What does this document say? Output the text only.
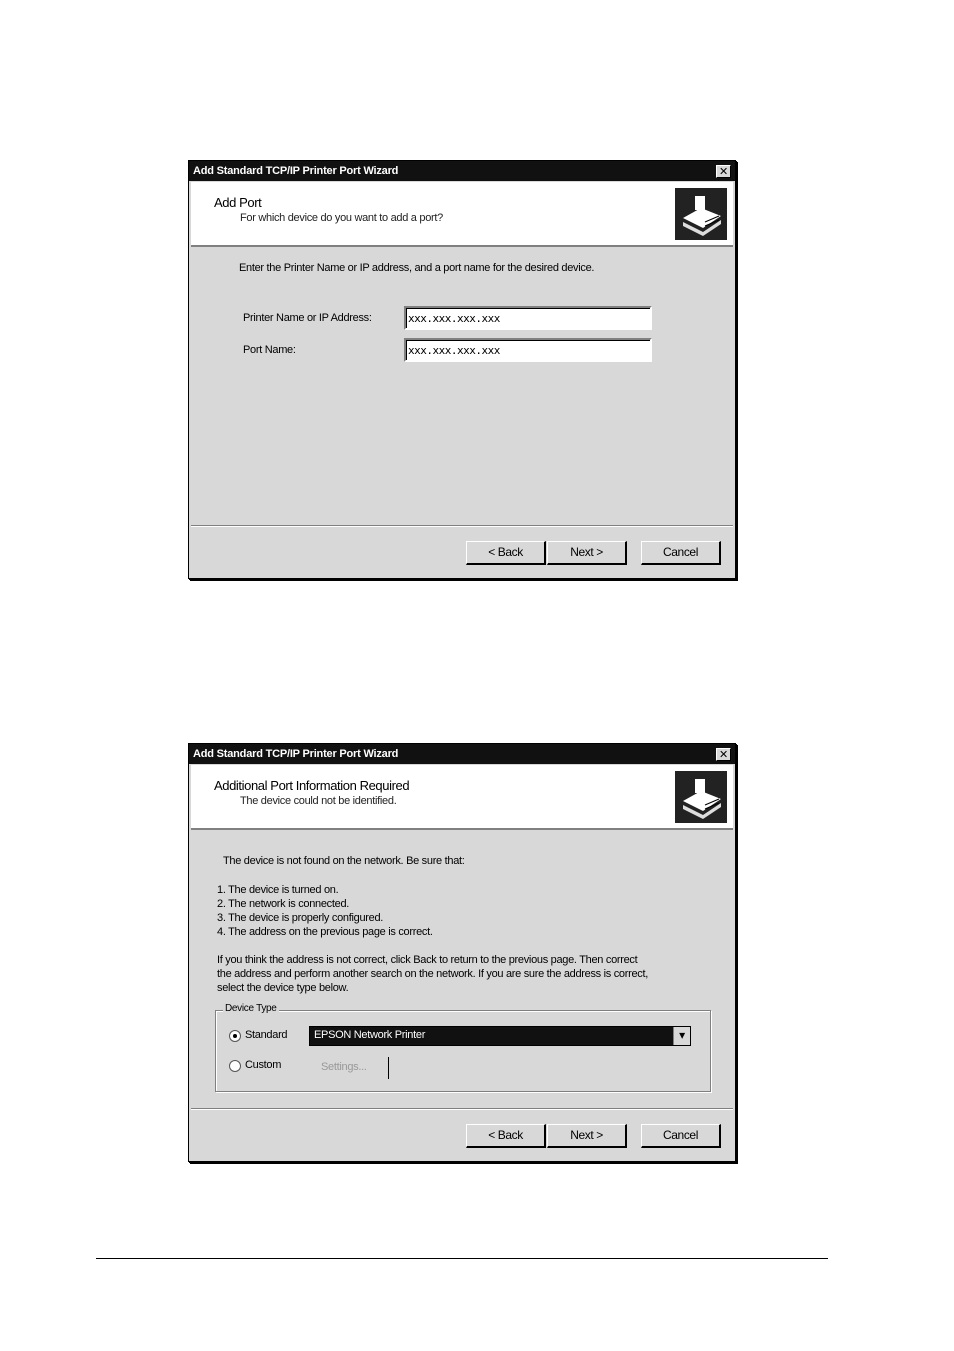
Add Standard TCP/IP Printer Port Wizard	✕
Add Port
For which device do you want to add a port?
Enter the Printer Name or IP address, and a port name for the desired device.
Printer Name or IP Address:	xxx.xxx.xxx.xxx
Port Name:	xxx.xxx.xxx.xxx
< Back	Next >	Cancel
Add Standard TCP/IP Printer Port Wizard	✕
Additional Port Information Required
The device could not be identified.
The device is not found on the network. Be sure that:
1. The device is turned on.
2. The network is connected.
3. The device is properly configured.
4. The address on the previous page is correct.
If you think the address is not correct, click Back to return to the previous page. Then correct
the address and perform another search on the network. If you are sure the address is correct,
select the device type below.
Device Type
Standard	EPSON Network Printer	▾
Custom	Settings...
< Back	Next >	Cancel
